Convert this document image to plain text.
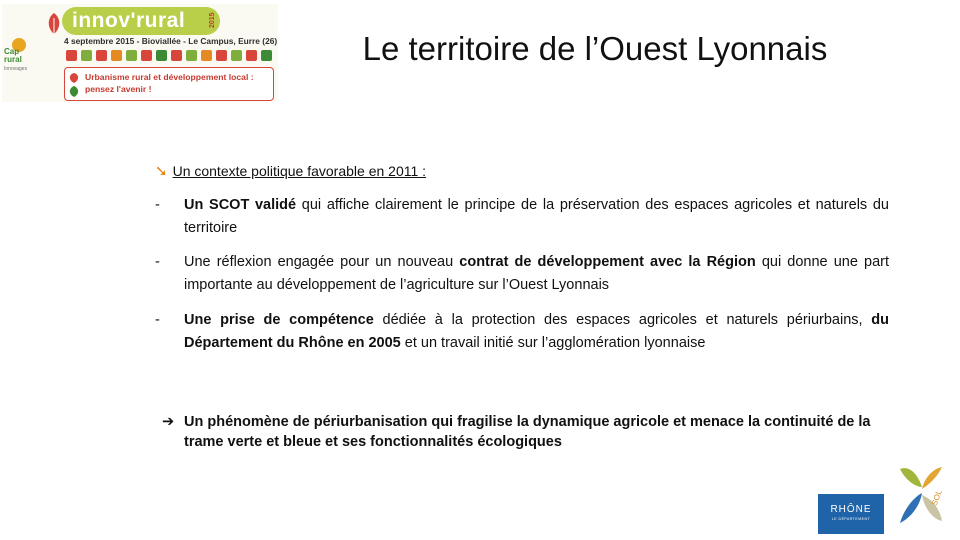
Cap
rural
Innovages
innov'rural	2015
4 septembre 2015 - Bioviallée - Le Campus, Eurre (26)
Urbanisme rural et développement local :
pensez l'avenir !
Le territoire de l’Ouest Lyonnais
➘ Un contexte politique favorable en 2011 :
- Un SCOT validé qui affiche clairement le principe de la préservation des espaces agricoles et naturels du territoire
- Une réflexion engagée pour un nouveau contrat de développement avec la Région qui donne une part importante au développement de l’agriculture sur l’Ouest Lyonnais
- Une prise de compétence dédiée à la protection des espaces agricoles et naturels périurbains, du Département du Rhône en 2005 et un travail initié sur l’agglomération lyonnaise
➔ Un phénomène de périurbanisation qui fragilise la dynamique agricole et menace la continuité de la trame verte et bleue et ses fonctionnalités écologiques
RHÔNE
LE DÉPARTEMENT
SOL
